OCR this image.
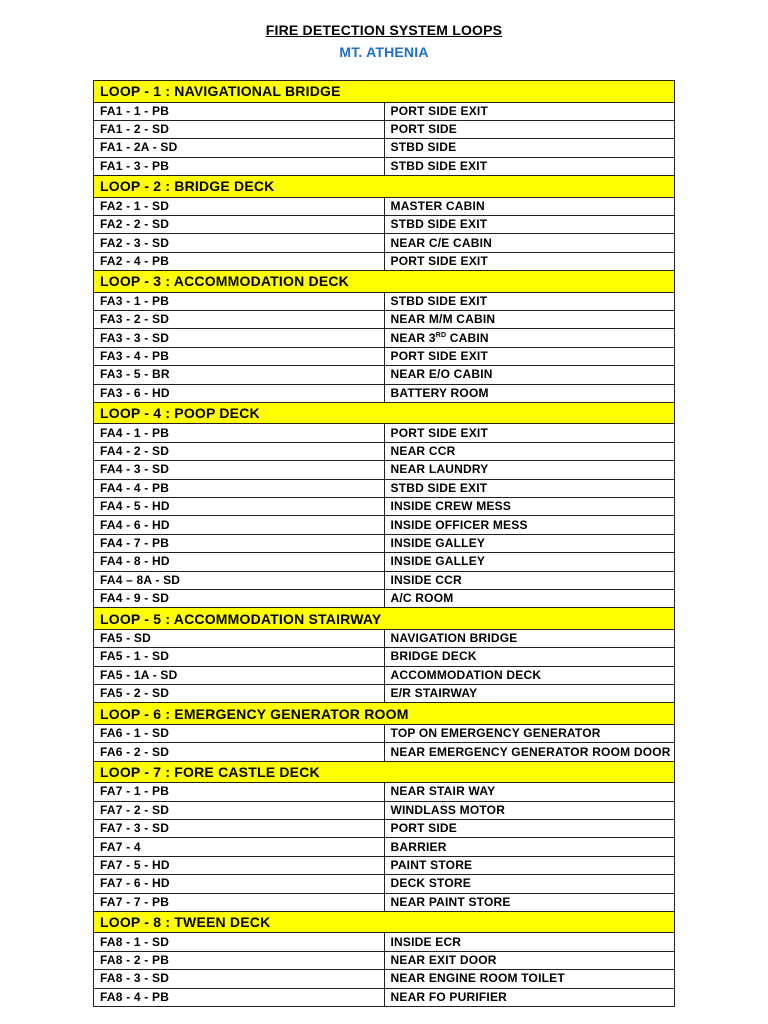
FIRE DETECTION SYSTEM LOOPS
MT. ATHENIA
LOOP - 1 : NAVIGATIONAL BRIDGE	
FA1 - 1 - PB	PORT SIDE EXIT
FA1 - 2 - SD	PORT SIDE
FA1 - 2A - SD	STBD SIDE
FA1 - 3 - PB	STBD SIDE EXIT
LOOP - 2 : BRIDGE DECK	
FA2 - 1 - SD	MASTER CABIN
FA2 - 2 - SD	STBD SIDE EXIT
FA2 - 3 - SD	NEAR C/E CABIN
FA2 - 4 - PB	PORT SIDE EXIT
LOOP - 3 : ACCOMMODATION DECK	
FA3 - 1 - PB	STBD SIDE EXIT
FA3 - 2 - SD	NEAR M/M CABIN
FA3 - 3 - SD	NEAR 3RD CABIN
FA3 - 4 - PB	PORT SIDE EXIT
FA3 - 5 - BR	NEAR E/O CABIN
FA3 - 6 - HD	BATTERY ROOM
LOOP - 4 : POOP DECK	
FA4 - 1 - PB	PORT SIDE EXIT
FA4 - 2 - SD	NEAR CCR
FA4 - 3 - SD	NEAR LAUNDRY
FA4 - 4 - PB	STBD SIDE EXIT
FA4 - 5 - HD	INSIDE CREW MESS
FA4 - 6 - HD	INSIDE OFFICER MESS
FA4 - 7 - PB	INSIDE GALLEY
FA4 - 8 - HD	INSIDE GALLEY
FA4 – 8A - SD	INSIDE CCR
FA4 - 9 - SD	A/C ROOM
LOOP - 5 : ACCOMMODATION STAIRWAY	
FA5 - SD	NAVIGATION BRIDGE
FA5 - 1 - SD	BRIDGE DECK
FA5 - 1A - SD	ACCOMMODATION DECK
FA5 - 2 - SD	E/R STAIRWAY
LOOP - 6 : EMERGENCY GENERATOR ROOM	
FA6 - 1 - SD	TOP ON EMERGENCY GENERATOR
FA6 - 2 - SD	NEAR EMERGENCY GENERATOR ROOM DOOR
LOOP - 7 : FORE CASTLE DECK	
FA7 - 1 - PB	NEAR STAIR WAY
FA7 - 2 - SD	WINDLASS MOTOR
FA7 - 3 - SD	PORT SIDE
FA7 - 4	BARRIER
FA7 - 5 - HD	PAINT STORE
FA7 - 6 - HD	DECK STORE
FA7 - 7 - PB	NEAR PAINT STORE
LOOP - 8 : TWEEN DECK	
FA8 - 1 - SD	INSIDE ECR
FA8 - 2 - PB	NEAR EXIT DOOR
FA8 - 3 - SD	NEAR ENGINE ROOM TOILET
FA8 - 4 - PB	NEAR FO PURIFIER
